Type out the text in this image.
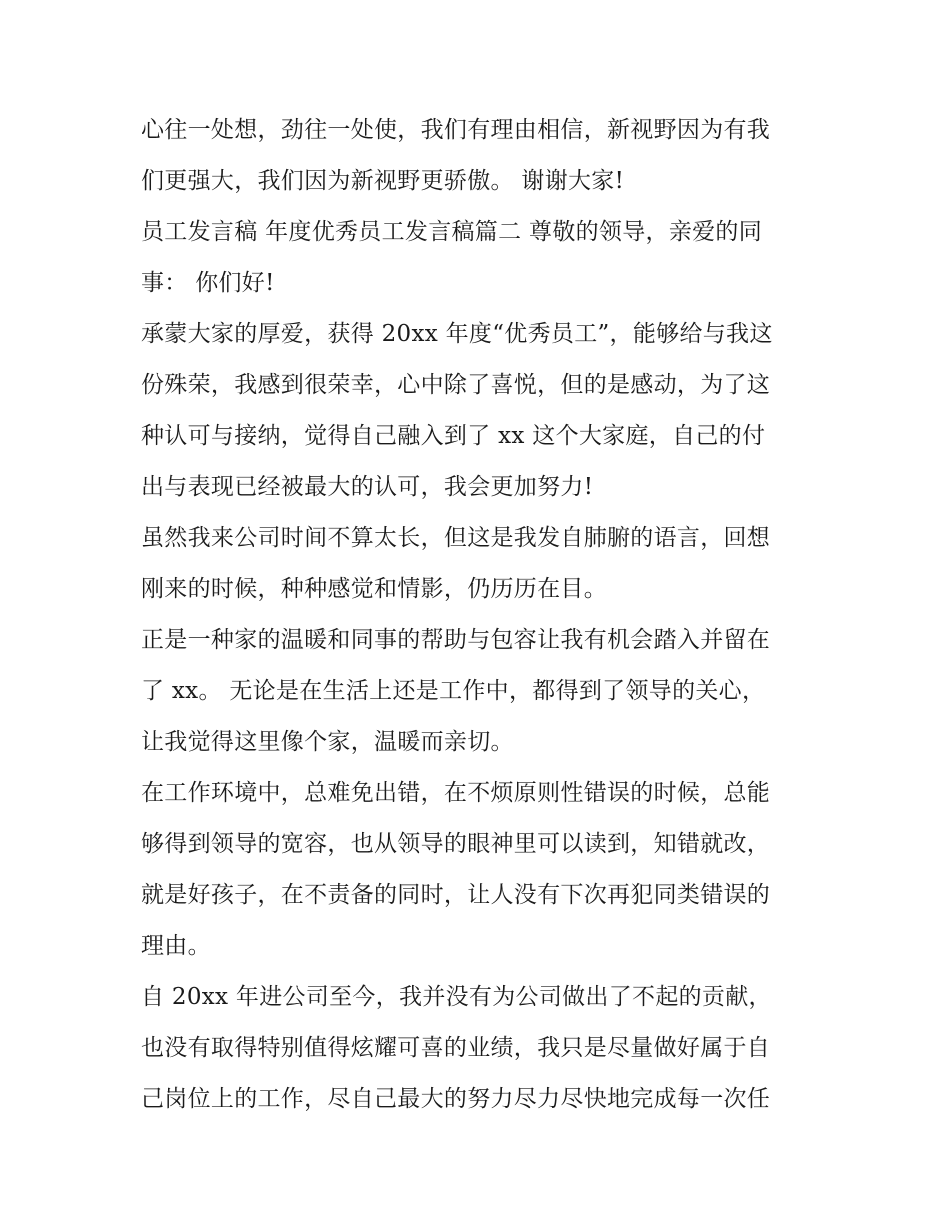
心往一处想，劲往一处使，我们有理由相信，新视野因为有我
们更强大，我们因为新视野更骄傲。 谢谢大家!
员工发言稿 年度优秀员工发言稿篇二 尊敬的领导，亲爱的同
事： 你们好!
承蒙大家的厚爱，获得 20xx 年度“优秀员工”，能够给与我这
份殊荣，我感到很荣幸，心中除了喜悦，但的是感动，为了这
种认可与接纳，觉得自己融入到了 xx 这个大家庭，自己的付
出与表现已经被最大的认可，我会更加努力!
虽然我来公司时间不算太长，但这是我发自肺腑的语言，回想
刚来的时候，种种感觉和情影，仍历历在目。
正是一种家的温暖和同事的帮助与包容让我有机会踏入并留在
了 xx。 无论是在生活上还是工作中，都得到了领导的关心，
让我觉得这里像个家，温暖而亲切。
在工作环境中，总难免出错，在不烦原则性错误的时候，总能
够得到领导的宽容，也从领导的眼神里可以读到，知错就改，
就是好孩子，在不责备的同时，让人没有下次再犯同类错误的
理由。
自 20xx 年进公司至今，我并没有为公司做出了不起的贡献，
也没有取得特别值得炫耀可喜的业绩，我只是尽量做好属于自
己岗位上的工作，尽自己最大的努力尽力尽快地完成每一次任
